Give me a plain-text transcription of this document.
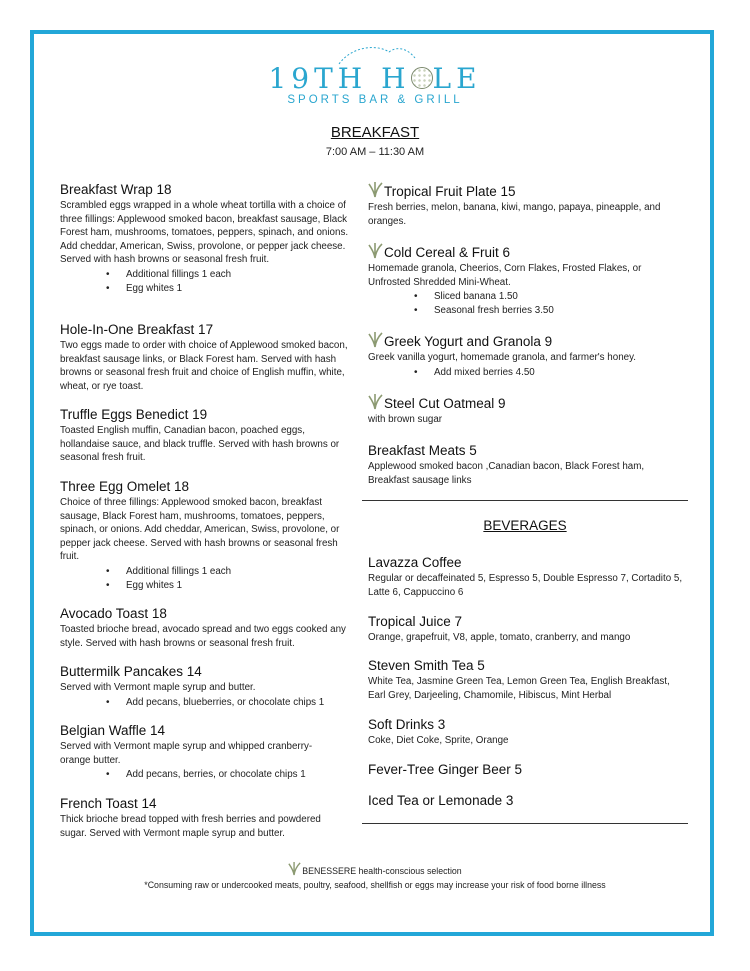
19TH H LE
SPORTS BAR & GRILL
BREAKFAST
7:00 AM – 11:30 AM
Breakfast Wrap 18
Scrambled eggs wrapped in a whole wheat tortilla with a choice of three fillings: Applewood smoked bacon, breakfast sausage, Black Forest ham, mushrooms, tomatoes, peppers, spinach, and onions. Add cheddar, American, Swiss, provolone, or pepper jack cheese. Served with hash browns or seasonal fresh fruit.
• Additional fillings 1 each
• Egg whites 1
Hole-In-One Breakfast 17
Two eggs made to order with choice of Applewood smoked bacon, breakfast sausage links, or Black Forest ham. Served with hash browns or seasonal fresh fruit and choice of English muffin, white, wheat, or rye toast.
Truffle Eggs Benedict 19
Toasted English muffin, Canadian bacon, poached eggs, hollandaise sauce, and black truffle. Served with hash browns or seasonal fresh fruit.
Three Egg Omelet 18
Choice of three fillings: Applewood smoked bacon, breakfast sausage, Black Forest ham, mushrooms, tomatoes, peppers, spinach, or onions. Add cheddar, American, Swiss, provolone, or pepper jack cheese. Served with hash browns or seasonal fresh fruit.
• Additional fillings 1 each
• Egg whites 1
Avocado Toast 18
Toasted brioche bread, avocado spread and two eggs cooked any style. Served with hash browns or seasonal fresh fruit.
Buttermilk Pancakes 14
Served with Vermont maple syrup and butter.
• Add pecans, blueberries, or chocolate chips 1
Belgian Waffle 14
Served with Vermont maple syrup and whipped cranberry-orange butter.
• Add pecans, berries, or chocolate chips 1
French Toast 14
Thick brioche bread topped with fresh berries and powdered sugar. Served with Vermont maple syrup and butter.
Tropical Fruit Plate 15
Fresh berries, melon, banana, kiwi, mango, papaya, pineapple, and oranges.
Cold Cereal & Fruit 6
Homemade granola, Cheerios, Corn Flakes, Frosted Flakes, or Unfrosted Shredded Mini-Wheat.
• Sliced banana 1.50
• Seasonal fresh berries 3.50
Greek Yogurt and Granola 9
Greek vanilla yogurt, homemade granola, and farmer's honey.
• Add mixed berries 4.50
Steel Cut Oatmeal 9
with brown sugar
Breakfast Meats 5
Applewood smoked bacon ,Canadian bacon, Black Forest ham, Breakfast sausage links
BEVERAGES
Lavazza Coffee
Regular or decaffeinated 5, Espresso 5, Double Espresso 7, Cortadito 5, Latte 6, Cappuccino 6
Tropical Juice 7
Orange, grapefruit, V8, apple, tomato, cranberry, and mango
Steven Smith Tea 5
White Tea, Jasmine Green Tea, Lemon Green Tea, English Breakfast, Earl Grey, Darjeeling, Chamomile, Hibiscus, Mint Herbal
Soft Drinks 3
Coke, Diet Coke, Sprite, Orange
Fever-Tree Ginger Beer 5
Iced Tea or Lemonade 3
BENESSERE health-conscious selection
*Consuming raw or undercooked meats, poultry, seafood, shellfish or eggs may increase your risk of food borne illness
